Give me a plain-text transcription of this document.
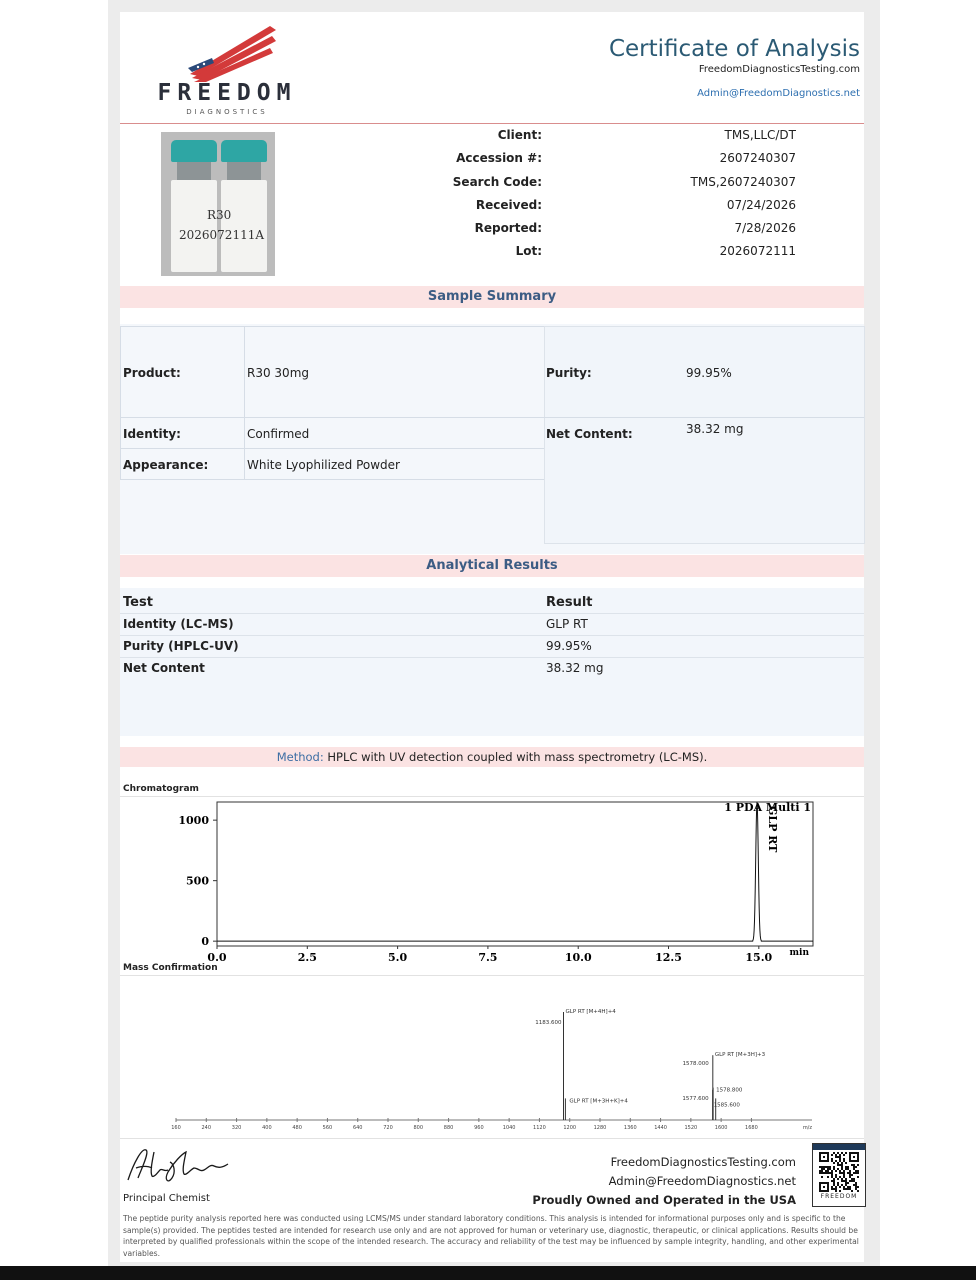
FREEDOM
DIAGNOSTICS
Certificate of Analysis
FreedomDiagnosticsTesting.com
Admin@FreedomDiagnostics.net
R30
2026072111A
Client:	TMS,LLC/DT
Accession #:	2607240307
Search Code:	TMS,2607240307
Received:	07/24/2026
Reported:	7/28/2026
Lot:	2026072111
Sample Summary
Product:	R30 30mg
Identity:	Confirmed
Appearance:	White Lyophilized Powder
Purity:	99.95%
Net Content:	38.32 mg
Analytical Results
Test	Result
Identity (LC-MS)	GLP RT
Purity (HPLC-UV)	99.95%
Net Content	38.32 mg
Method: HPLC with UV detection coupled with mass spectrometry (LC-MS).
Chromatogram
0
500
1000
0.0	2.5	5.0	7.5	10.0	12.5	15.0 min
1 PDA Multi 1
GLP RT
Mass Confirmation
160	240	320	400	480	560	640	720	800	880	960	1040	1120	1200	1280	1360	1440	1520	1600	1680	m/z
1183.600
GLP RT [M+4H]+4
GLP RT [M+3H+K]+4
1578.000
GLP RT [M+3H]+3
1577.600
1578.800
1585.600
Principal Chemist
FreedomDiagnosticsTesting.com
Admin@FreedomDiagnostics.net
Proudly Owned and Operated in the USA	FREEDOM
The peptide purity analysis reported here was conducted using LCMS/MS under standard laboratory conditions. This analysis is intended for informational purposes only and is specific to the sample(s) provided. The peptides tested are intended for research use only and are not approved for human or veterinary use, diagnostic, therapeutic, or clinical applications. Results should be interpreted by qualified professionals within the scope of the intended research. The accuracy and reliability of the test may be influenced by sample integrity, handling, and other experimental variables.
